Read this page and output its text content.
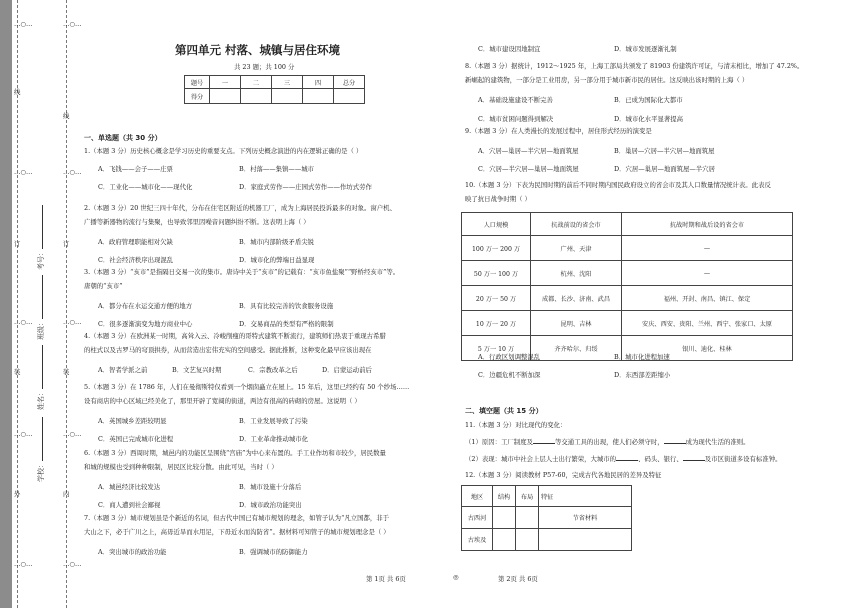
…○…
线
…○…
订
…○…
装
…○…
外
…○…
…○…
线
…○…
订
…○…
装
…○…
内
…○…
考号：
班级：
姓名：
学校：
第四单元 村落、城镇与居住环境
共 23 题；共 100 分
题号	一	二	三	四	总分
得分					
一、单选题（共 30 分）
1.（本题 3 分）历史核心概念是学习历史的重要支点。下列历史概念演进的内在逻辑正确的是（ ）
A．飞钱——会子——庄票	B．村落——集镇——城市
C．工业化——城市化——现代化	D．家庭式劳作——庄园式劳作——作坊式劳作
2.（本题 3 分）20 世纪三四十年代，分布在住宅区附近的机器工厂，成为上海居民投诉最多的对象。窗户机、
广播等新器物的流行与集聚，也导致邻里因噪音问题纠纷不断。这表明上海（ ）
A．政府管理职能相对欠缺	B．城市内部阶级矛盾尖锐
C．社会经济秩序出现混乱	D．城市化的弊端日益显现
3.（本题 3 分）“亥市”是指隔日交易一次的集市。唐诗中关于“亥市”的记载有：“亥市鱼盐聚”“野桥经亥市”等。
唐朝的“亥市”
A．都分布在水运交通方便的地方	B．具有比较完善的饮食服务设施
C．很多逐渐演变为地方商业中心	D．交易商品的类型有严格的限制
4.（本题 3 分）在欧洲某一时期，高耸入云、冷峻削瘦的哥特式建筑不断流行，建筑师们热衷于重现古希腊
的柱式以及古罗马的穹顶拱券，从而营造出宏伟充实的空间感受。据此推断，这种变化最早应该出现在
A．智者学派之前	B．文艺复兴时期	C．宗教改革之后	D．启蒙运动前后
5.（本题 3 分）在 1786 年，人们在曼彻斯特仅看到一个烟囱矗立在屋上。15 年后，这里已经约有 50 个纱场……
设有商店的中心区域已经美化了，那里开辟了宽阔的街道，两边有很高的砖砌的房屋。这说明（ ）
A．英国城乡差距较明显	B．工业发展导致了污染
C．英国已完成城市化进程	D．工业革命推动城市化
6.（本题 3 分）西周时期，城邑内的功能区呈围绕“宫庙”为中心来布置的。手工业作坊和市较少，居民数量
和城的规模也受到种种限制，居民区比较分散。由此可见，当时（ ）
A．城邑经济比较发达	B．城市设施十分落后
C．商人遭到社会鄙视	D．城市政治功能突出
7.（本题 3 分）城市规划虽是个新近的名词，但古代中国已有城市规划的理念，如管子认为“凡立国都，非于
大山之下，必于广川之上，高毋近旱而水用足，下毋近水而沟防省”。据材料可知管子的城市规划理念是（ ）
A．突出城市的政治功能	B．强调城市的防御能力
C．城市建设因地制宜	D．城市发展逐渐礼制
8.（本题 3 分）据统计，1912～1925 年，上海工部局共颁发了 81903 份建筑许可证，与清末相比，增加了 47.2%。
新崛起的建筑物，一部分是工业用房，另一部分用于城市新市民的居住。这反映出该时期的上海（ ）
A．基础设施建设不断完善	B．已成为国际化大都市
C．城市贫困问题得到解决	D．城市化水平显著提高
9.（本题 3 分）在人类漫长的发展过程中，居住形式经历的演变是
A．穴居—巢居—半穴居—地面筑屋	B．巢居—穴居—半穴居—地面筑屋
C．穴居—半穴居—巢居—地面筑屋	D．穴居—巢居—地面筑屋—半穴居
10.（本题 3 分）下表为民国时期的前后不同时期内国民政府设立的省会市及其人口数量情况统计表。此表反
映了抗日战争时期（ ）
人口规模	抗战前设的省会市	抗战时期和战后设的省会市
100 万一 200 万	广州、天津	—
50 万一 100 万	杭州、沈阳	—
20 万一 50 万	成都、长沙、济南、武昌	福州、开封、南昌、镇江、保定
10 万一 20 万	昆明、吉林	安庆、西安、贵阳、兰州、西宁、张家口、太原
5 万一 10 万	齐齐哈尔、归绥	银川、迪化、桂林
A．行政区划调整混乱	B．城市化进程加速
C．边疆危机不断加深	D．东西部差距缩小
二、填空题（共 15 分）
11.（本题 3 分）对比现代的变化：
（1）原因：工厂制度及	等交通工具的出现，使人们必须守时，	成为现代生活的准则。
（2）表现：城市中社会上层人士出行繁荣，大城市的	、码头、银行、	及市区街道多设有标准钟。
12.（本题 3 分）阅读教材 P57-60，完成古代各地民居的差异及特征
地区	结构	布局	特征
古西河			节省材料
古埃及			
第 1页 共 6页	◎	第 2页 共 6页
